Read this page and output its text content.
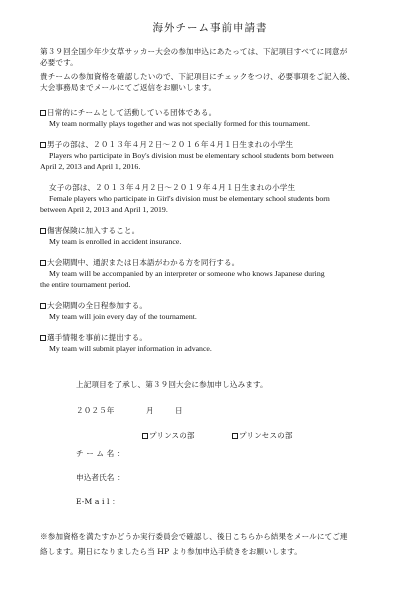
海外チーム事前申請書
第３９回全国少年少女草サッカー大会の参加申込にあたっては、下記項目すべてに同意が
必要です。
貴チームの参加資格を確認したいので、下記項目にチェックをつけ、必要事項をご記入後、
大会事務局までメールにてご返信をお願いします。
日常的にチームとして活動している団体である。
My team normally plays together and was not specially formed for this tournament.
男子の部は、２０１３年４月２日～２０１６年４月１日生まれの小学生
Players who participate in Boy's division must be elementary school students born between
April 2, 2013 and April 1, 2016.
女子の部は、２０１３年４月２日～２０１９年４月１日生まれの小学生
Female players who participate in Girl's division must be elementary school students born
between April 2, 2013 and April 1, 2019.
傷害保険に加入すること。
My team is enrolled in accident insurance.
大会期間中、通訳または日本語がわかる方を同行する。
My team will be accompanied by an interpreter or someone who knows Japanese during
the entire tournament period.
大会期間の全日程参加する。
My team will join every day of the tournament.
選手情報を事前に提出する。
My team will submit player information in advance.
上記項目を了承し、第３９回大会に参加申し込みます。
２０２５年	月	日
プリンスの部	プリンセスの部
チ ー ム 名 ：
申込者氏名 ：
E-M a i l ：
※参加資格を満たすかどうか実行委員会で確認し、後日こちらから結果をメールにてご連
絡します。期日になりましたら当 HP より参加申込手続きをお願いします。
